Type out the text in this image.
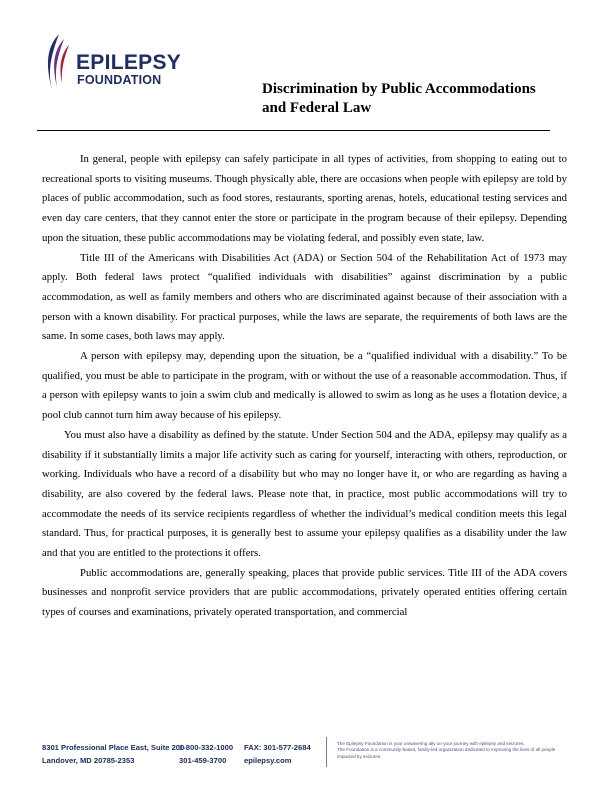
EPILEPSY
FOUNDATION
Discrimination by Public Accommodations
and Federal Law

In general, people with epilepsy can safely participate in all types of activities, from shopping to eating out to recreational sports to visiting museums. Though physically able, there are occasions when people with epilepsy are told by places of public accommodation, such as food stores, restaurants, sporting arenas, hotels, educational testing services and even day care centers, that they cannot enter the store or participate in the program because of their epilepsy. Depending upon the situation, these public accommodations may be violating federal, and possibly even state, law.

Title III of the Americans with Disabilities Act (ADA) or Section 504 of the Rehabilitation Act of 1973 may apply. Both federal laws protect “qualified individuals with disabilities” against discrimination by a public accommodation, as well as family members and others who are discriminated against because of their association with a person with a known disability. For practical purposes, while the laws are separate, the requirements of both laws are the same. In some cases, both laws may apply.

A person with epilepsy may, depending upon the situation, be a “qualified individual with a disability.” To be qualified, you must be able to participate in the program, with or without the use of a reasonable accommodation. Thus, if a person with epilepsy wants to join a swim club and medically is allowed to swim as long as he uses a flotation device, a pool club cannot turn him away because of his epilepsy.

You must also have a disability as defined by the statute. Under Section 504 and the ADA, epilepsy may qualify as a disability if it substantially limits a major life activity such as caring for yourself, interacting with others, reproduction, or working. Individuals who have a record of a disability but who may no longer have it, or who are regarding as having a disability, are also covered by the federal laws. Please note that, in practice, most public accommodations will try to accommodate the needs of its service recipients regardless of whether the individual’s medical condition meets this legal standard. Thus, for practical purposes, it is generally best to assume your epilepsy qualifies as a disability under the law and that you are entitled to the protections it offers.

Public accommodations are, generally speaking, places that provide public services. Title III of the ADA covers businesses and nonprofit service providers that are public accommodations, privately operated entities offering certain types of courses and examinations, privately operated transportation, and commercial

8301 Professional Place East, Suite 200
Landover, MD 20785-2353
1-800-332-1000
301-459-3700
FAX: 301-577-2684
epilepsy.com
The Epilepsy Foundation is your unwavering ally on your journey with epilepsy and seizures.
The Foundation is a community-based, family-led organization dedicated to improving the lives of all people
impacted by seizures.
